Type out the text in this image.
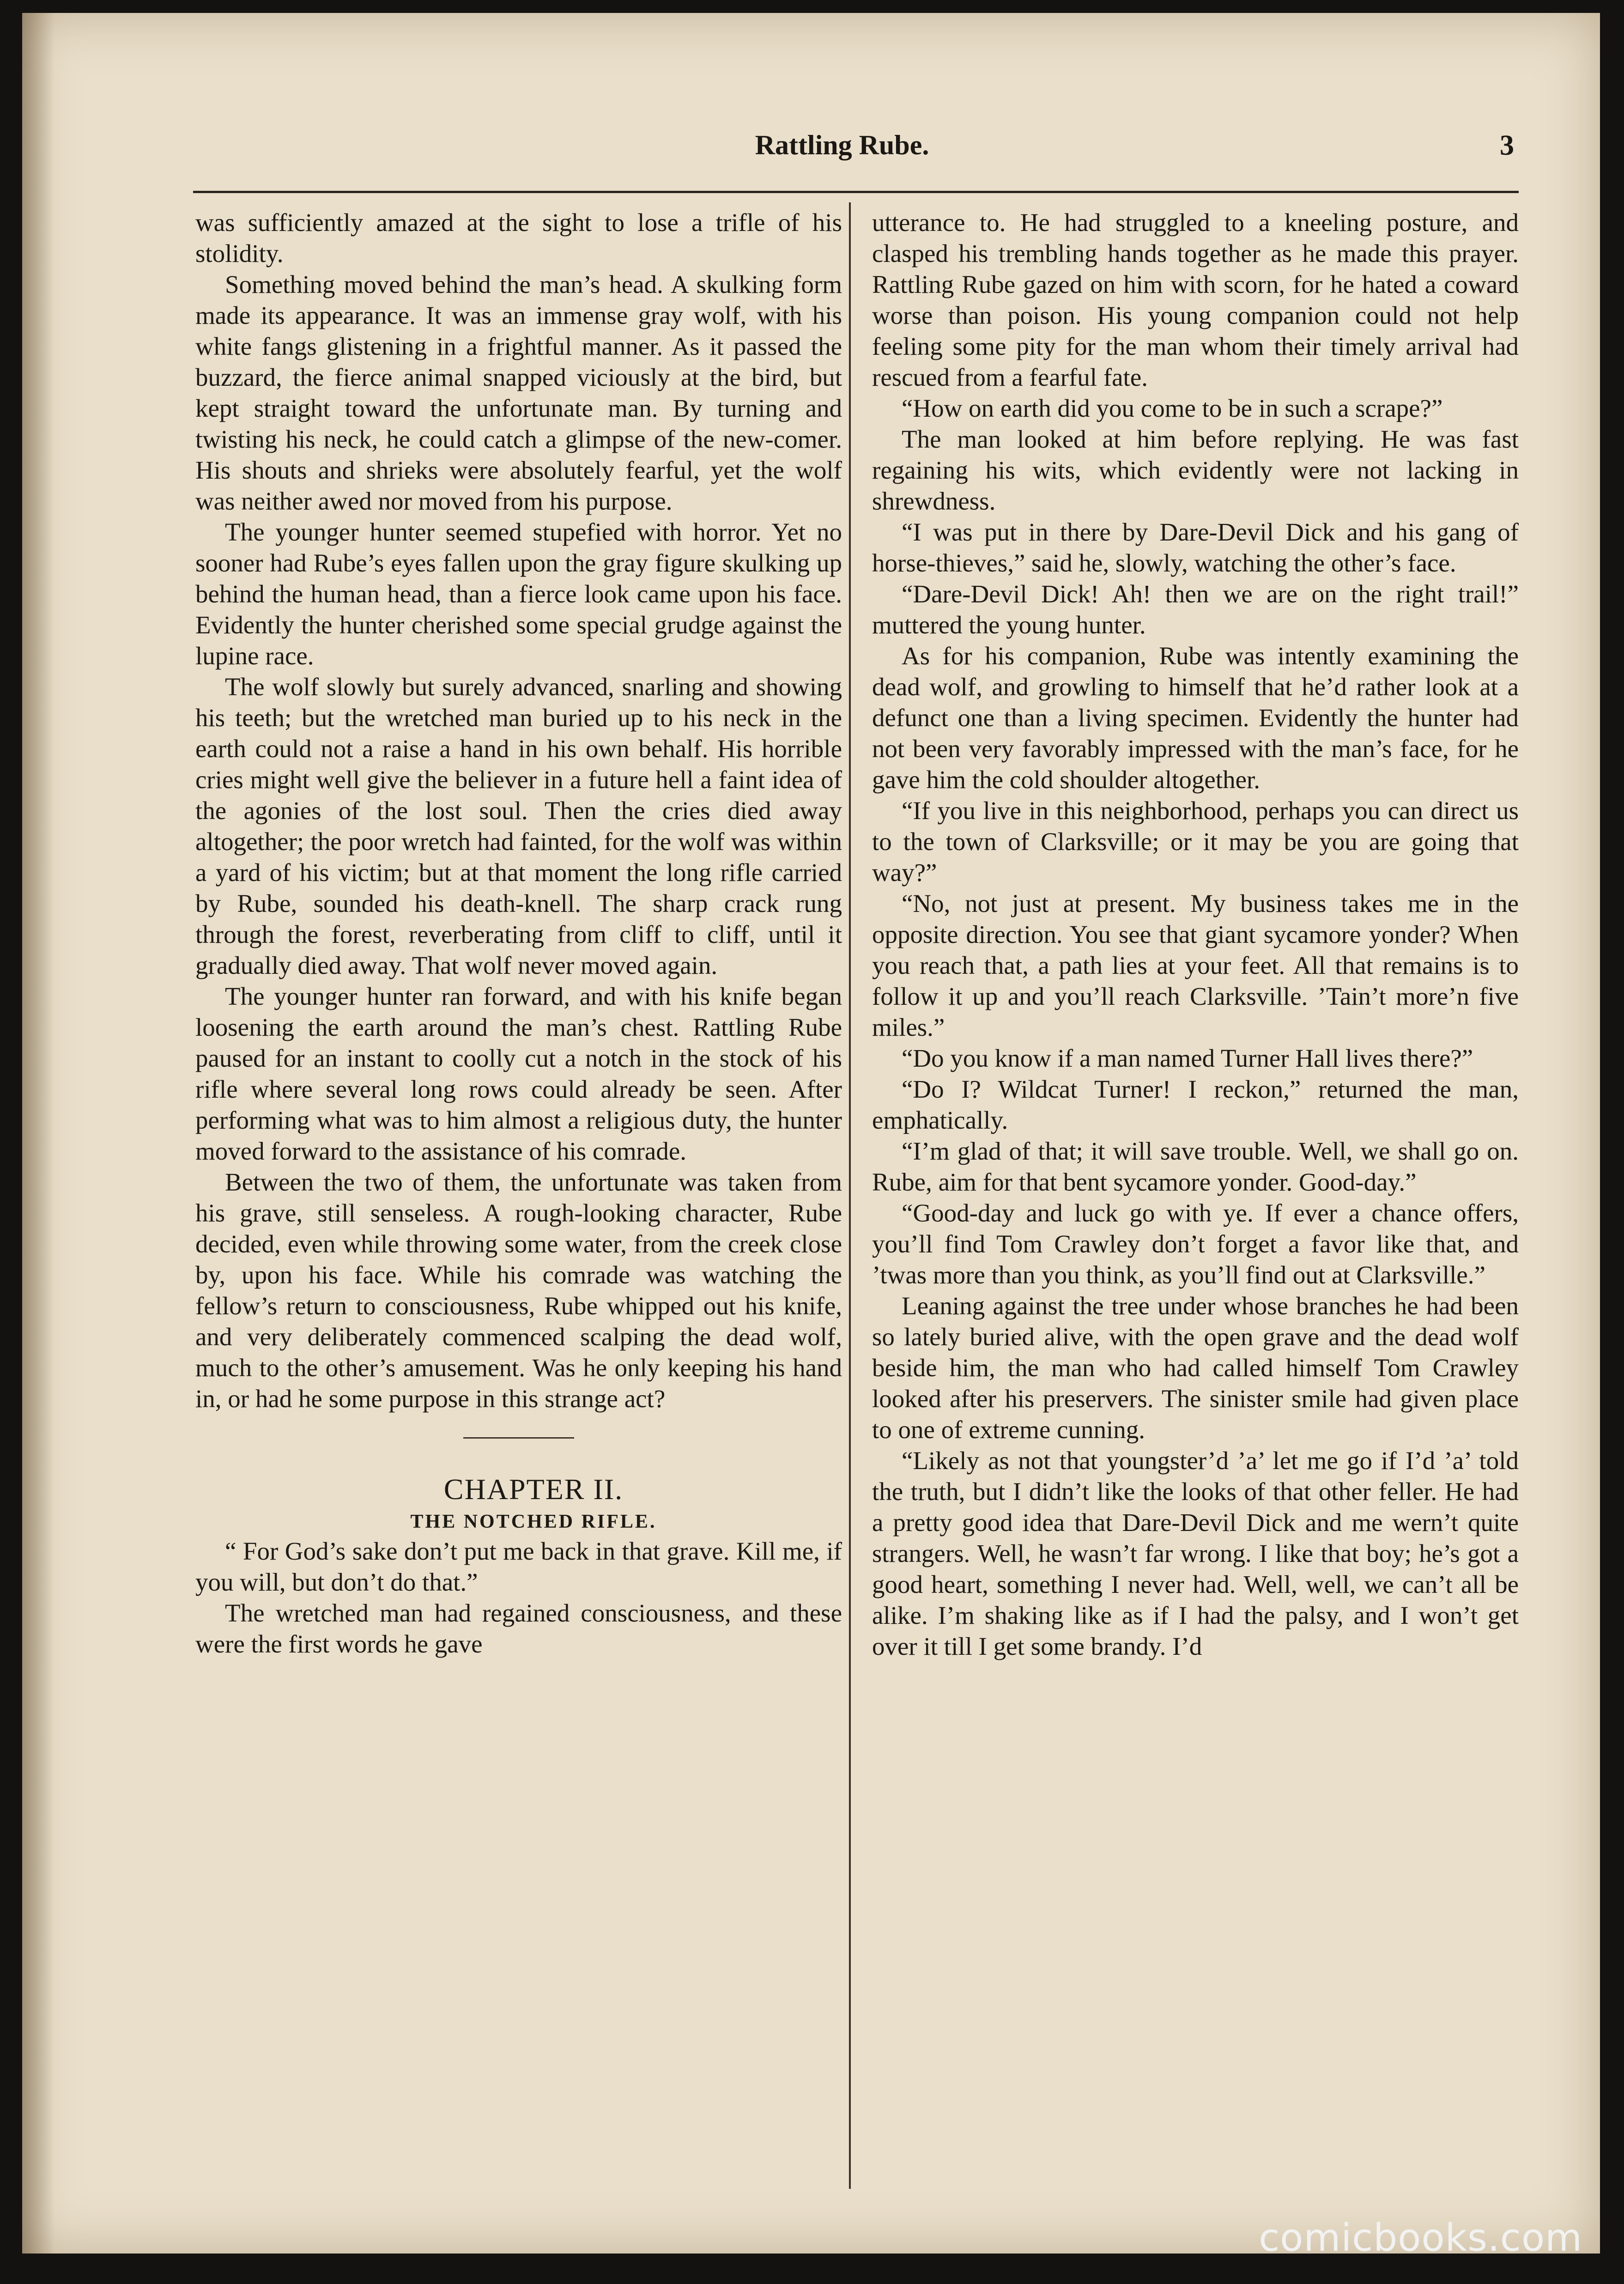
Rattling Rube.	3

was sufficiently amazed at the sight to lose a trifle of his stolidity.

Something moved behind the man’s head. A skulking form made its appearance. It was an immense gray wolf, with his white fangs glistening in a frightful manner. As it passed the buzzard, the fierce animal snapped viciously at the bird, but kept straight toward the unfortunate man. By turning and twisting his neck, he could catch a glimpse of the new-comer. His shouts and shrieks were absolutely fearful, yet the wolf was neither awed nor moved from his purpose.

The younger hunter seemed stupefied with horror. Yet no sooner had Rube’s eyes fallen upon the gray figure skulking up behind the human head, than a fierce look came upon his face. Evidently the hunter cherished some special grudge against the lupine race.

The wolf slowly but surely advanced, snarling and showing his teeth; but the wretched man buried up to his neck in the earth could not a raise a hand in his own behalf. His horrible cries might well give the believer in a future hell a faint idea of the agonies of the lost soul. Then the cries died away altogether; the poor wretch had fainted, for the wolf was within a yard of his victim; but at that moment the long rifle carried by Rube, sounded his death-knell. The sharp crack rung through the forest, reverberating from cliff to cliff, until it gradually died away. That wolf never moved again.

The younger hunter ran forward, and with his knife began loosening the earth around the man’s chest. Rattling Rube paused for an instant to coolly cut a notch in the stock of his rifle where several long rows could already be seen. After performing what was to him almost a religious duty, the hunter moved forward to the assistance of his comrade.

Between the two of them, the unfortunate was taken from his grave, still senseless. A rough-looking character, Rube decided, even while throwing some water, from the creek close by, upon his face. While his comrade was watching the fellow’s return to consciousness, Rube whipped out his knife, and very deliberately commenced scalping the dead wolf, much to the other’s amusement. Was he only keeping his hand in, or had he some purpose in this strange act?

CHAPTER II.

THE NOTCHED RIFLE.

“ For God’s sake don’t put me back in that grave. Kill me, if you will, but don’t do that.”

The wretched man had regained consciousness, and these were the first words he gave

utterance to. He had struggled to a kneeling posture, and clasped his trembling hands together as he made this prayer. Rattling Rube gazed on him with scorn, for he hated a coward worse than poison. His young companion could not help feeling some pity for the man whom their timely arrival had rescued from a fearful fate.

“How on earth did you come to be in such a scrape?”

The man looked at him before replying. He was fast regaining his wits, which evidently were not lacking in shrewdness.

“I was put in there by Dare-Devil Dick and his gang of horse-thieves,” said he, slowly, watching the other’s face.

“Dare-Devil Dick! Ah! then we are on the right trail!” muttered the young hunter.

As for his companion, Rube was intently examining the dead wolf, and growling to himself that he’d rather look at a defunct one than a living specimen. Evidently the hunter had not been very favorably impressed with the man’s face, for he gave him the cold shoulder altogether.

“If you live in this neighborhood, perhaps you can direct us to the town of Clarksville; or it may be you are going that way?”

“No, not just at present. My business takes me in the opposite direction. You see that giant sycamore yonder? When you reach that, a path lies at your feet. All that remains is to follow it up and you’ll reach Clarksville. ’Tain’t more’n five miles.”

“Do you know if a man named Turner Hall lives there?”

“Do I? Wildcat Turner! I reckon,” returned the man, emphatically.

“I’m glad of that; it will save trouble. Well, we shall go on. Rube, aim for that bent sycamore yonder. Good-day.”

“Good-day and luck go with ye. If ever a chance offers, you’ll find Tom Crawley don’t forget a favor like that, and ’twas more than you think, as you’ll find out at Clarksville.”

Leaning against the tree under whose branches he had been so lately buried alive, with the open grave and the dead wolf beside him, the man who had called himself Tom Crawley looked after his preservers. The sinister smile had given place to one of extreme cunning.

“Likely as not that youngster’d ’a’ let me go if I’d ’a’ told the truth, but I didn’t like the looks of that other feller. He had a pretty good idea that Dare-Devil Dick and me wern’t quite strangers. Well, he wasn’t far wrong. I like that boy; he’s got a good heart, something I never had. Well, well, we can’t all be alike. I’m shaking like as if I had the palsy, and I won’t get over it till I get some brandy. I’d

comicbooks.com
